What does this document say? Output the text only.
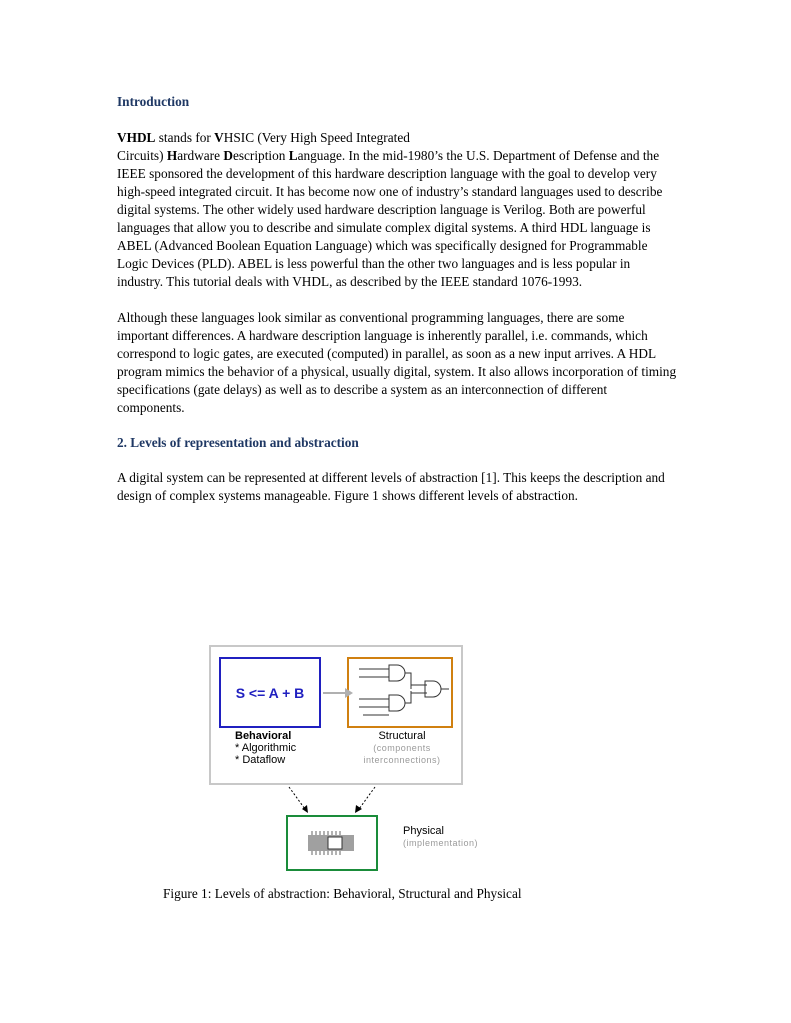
Introduction

VHDL stands for VHSIC (Very High Speed Integrated
Circuits) Hardware Description Language. In the mid-1980’s the U.S. Department of Defense and the IEEE sponsored the development of this hardware description language with the goal to develop very high-speed integrated circuit. It has become now one of industry’s standard languages used to describe digital systems. The other widely used hardware description language is Verilog. Both are powerful languages that allow you to describe and simulate complex digital systems. A third HDL language is ABEL (Advanced Boolean Equation Language) which was specifically designed for Programmable Logic Devices (PLD). ABEL is less powerful than the other two languages and is less popular in industry. This tutorial deals with VHDL, as described by the IEEE standard 1076-1993.

Although these languages look similar as conventional programming languages, there are some important differences. A hardware description language is inherently parallel, i.e. commands, which correspond to logic gates, are executed (computed) in parallel, as soon as a new input arrives. A HDL program mimics the behavior of a physical, usually digital, system. It also allows incorporation of timing specifications (gate delays) as well as to describe a system as an interconnection of different components.

2. Levels of representation and abstraction

A digital system can be represented at different levels of abstraction [1]. This keeps the description and design of complex systems manageable. Figure 1 shows different levels of abstraction.

S <= A + B
Behavioral
* Algorithmic
* Dataflow
Structural
(components interconnections)
Physical
(implementation)
Figure 1: Levels of abstraction: Behavioral, Structural and Physical
